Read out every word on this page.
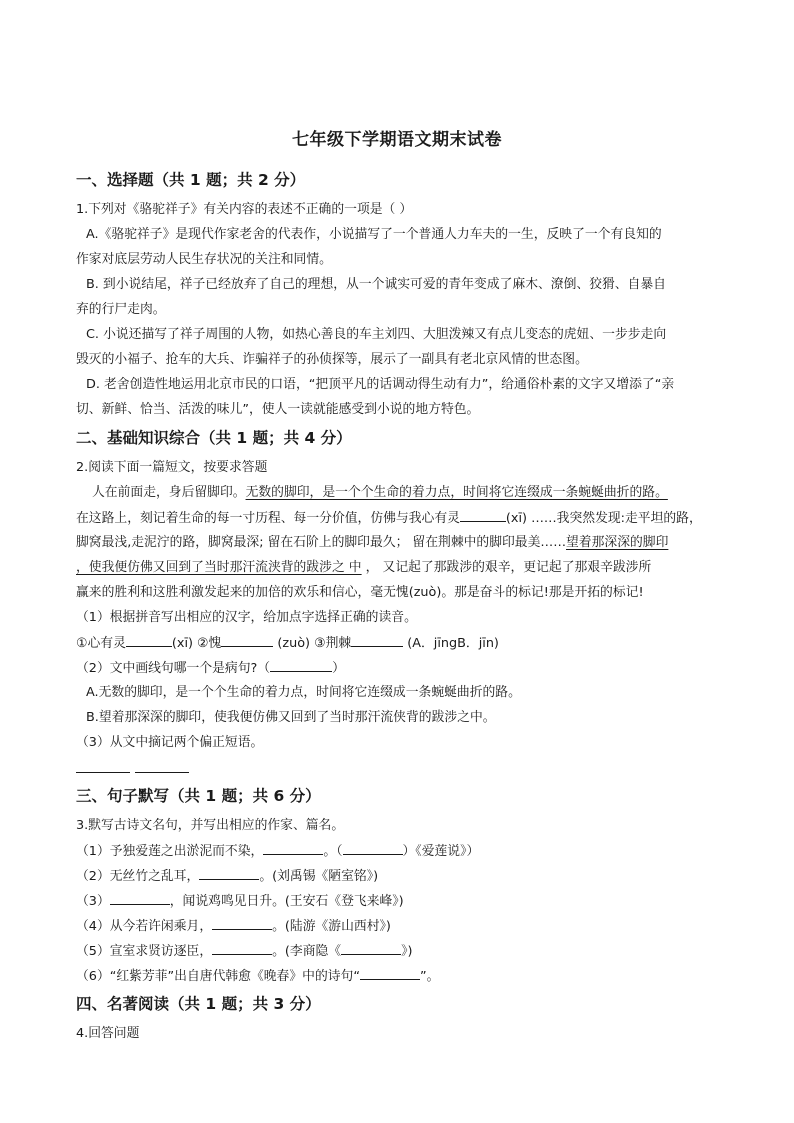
七年级下学期语文期末试卷
一、选择题（共 1 题；共 2 分）
1.下列对《骆驼祥子》有关内容的表述不正确的一项是（ ）
A.《骆驼祥子》是现代作家老舍的代表作，小说描写了一个普通人力车夫的一生，反映了一个有良知的
作家对底层劳动人民生存状况的关注和同情。
B. 到小说结尾，祥子已经放弃了自己的理想，从一个诚实可爱的青年变成了麻木、潦倒、狡猾、自暴自
弃的行尸走肉。
C. 小说还描写了祥子周围的人物，如热心善良的车主刘四、大胆泼辣又有点儿变态的虎妞、一步步走向
毁灭的小福子、抢车的大兵、诈骗祥子的孙侦探等，展示了一副具有老北京风情的世态图。
D. 老舍创造性地运用北京市民的口语，“把顶平凡的话调动得生动有力”，给通俗朴素的文字又增添了“亲
切、新鲜、恰当、活泼的味儿”，使人一读就能感受到小说的地方特色。
二、基础知识综合（共 1 题；共 4 分）
2.阅读下面一篇短文，按要求答题
人在前面走，身后留脚印。无数的脚印，是一个个生命的着力点，时间将它连缀成一条蜿蜒曲折的路。
在这路上，刻记着生命的每一寸历程、每一分价值，仿佛与我心有灵	(xī) ……我突然发现:走平坦的路，
脚窝最浅,走泥泞的路，脚窝最深; 留在石阶上的脚印最久； 留在荆棘中的脚印最美……望着那深深的脚印
，使我便仿佛又回到了当时那汗流浃背的跋涉之 中 ， 又记起了那跋涉的艰辛，更记起了那艰辛跋涉所
赢来的胜利和这胜利激发起来的加倍的欢乐和信心，毫无愧(zuò)。那是奋斗的标记!那是开拓的标记!
（1）根据拼音写出相应的汉字，给加点字选择正确的读音。
①心有灵	(xī) ②愧	(zuò) ③荆棘	(A．jīngB．jīn)
（2）文中画线句哪一个是病句?（	）
A.无数的脚印，是一个个生命的着力点，时间将它连缀成一条蜿蜒曲折的路。
B.望着那深深的脚印，使我便仿佛又回到了当时那汗流侠背的跋涉之中。
（3）从文中摘记两个偏正短语。
三、句子默写（共 1 题；共 6 分）
3.默写古诗文名句，并写出相应的作家、篇名。
（1）予独爱莲之出淤泥而不染，	。（	）《爱莲说》）
（2）无丝竹之乱耳，	。(刘禹锡《陋室铭》)
（3）	，闻说鸡鸣见日升。(王安石《登飞来峰》)
（4）从今若许闲乘月，	。(陆游《游山西村》)
（5）宣室求贤访逐臣，	。(李商隐《	》)
（6）“红紫芳菲”出自唐代韩愈《晚春》中的诗句“	”。
四、名著阅读（共 1 题；共 3 分）
4.回答问题
